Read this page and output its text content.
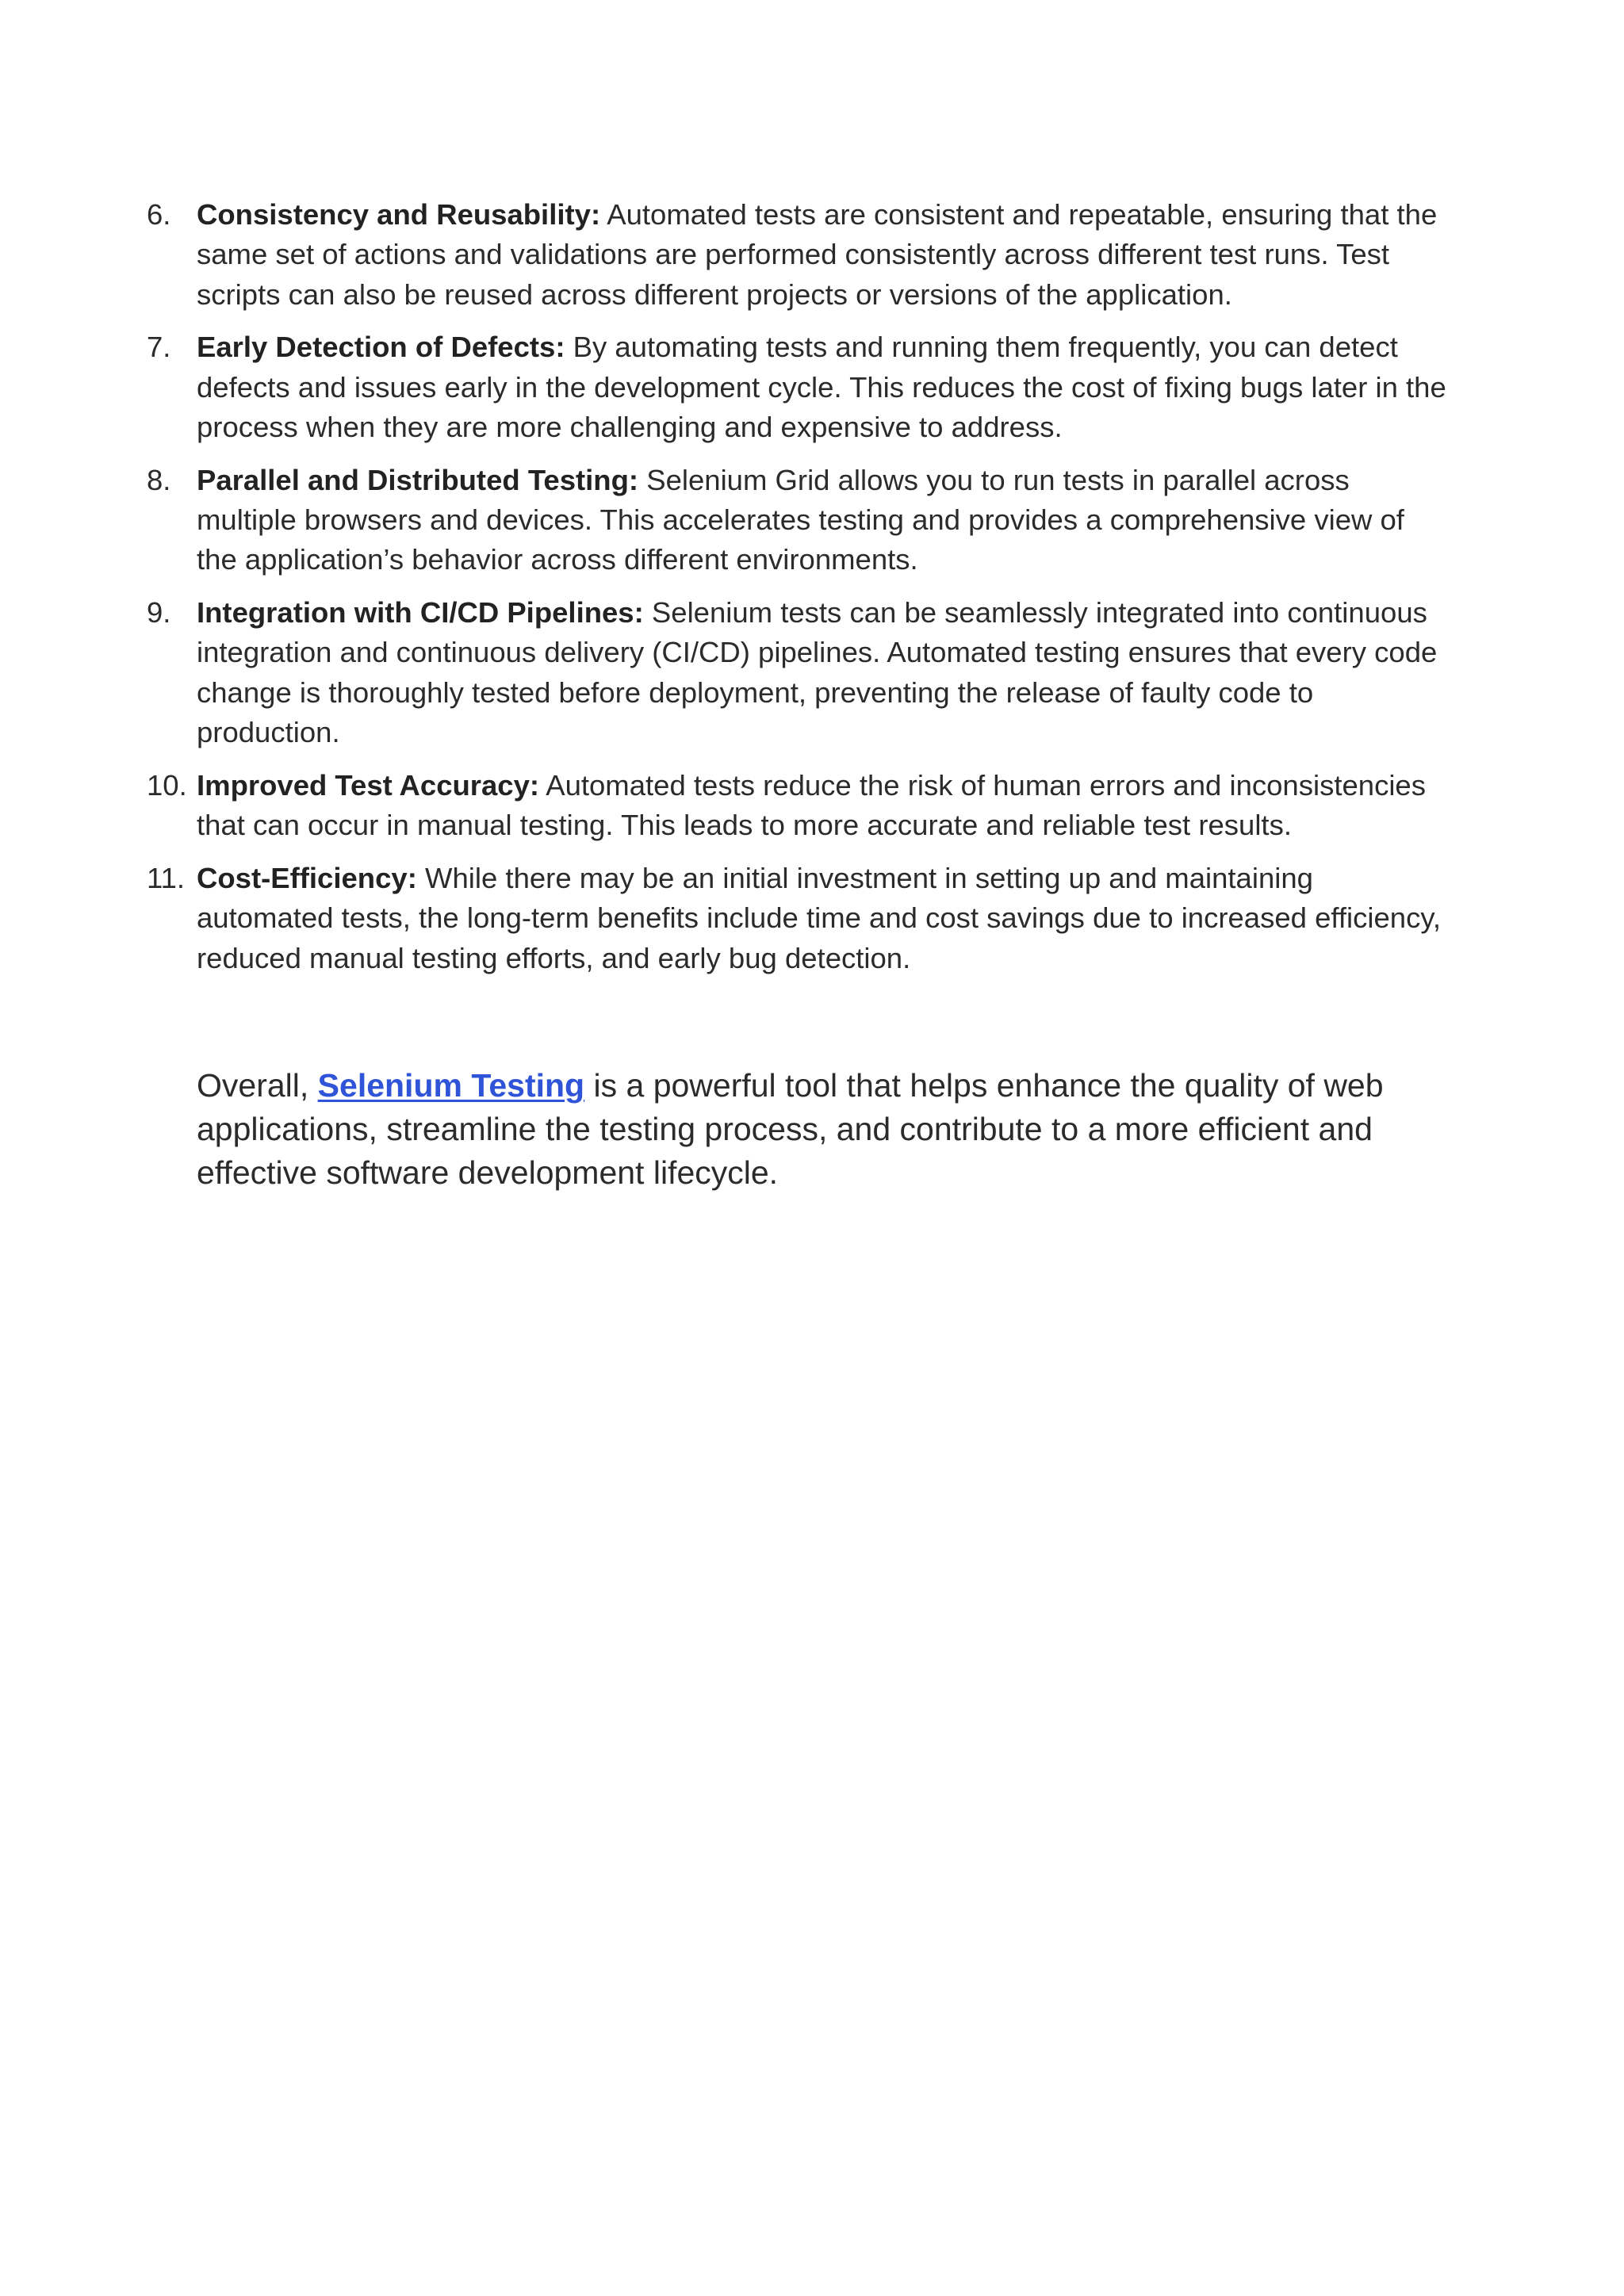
6. Consistency and Reusability: Automated tests are consistent and repeatable, ensuring that the same set of actions and validations are performed consistently across different test runs. Test scripts can also be reused across different projects or versions of the application.
7. Early Detection of Defects: By automating tests and running them frequently, you can detect defects and issues early in the development cycle. This reduces the cost of fixing bugs later in the process when they are more challenging and expensive to address.
8. Parallel and Distributed Testing: Selenium Grid allows you to run tests in parallel across multiple browsers and devices. This accelerates testing and provides a comprehensive view of the application’s behavior across different environments.
9. Integration with CI/CD Pipelines: Selenium tests can be seamlessly integrated into continuous integration and continuous delivery (CI/CD) pipelines. Automated testing ensures that every code change is thoroughly tested before deployment, preventing the release of faulty code to production.
10. Improved Test Accuracy: Automated tests reduce the risk of human errors and inconsistencies that can occur in manual testing. This leads to more accurate and reliable test results.
11. Cost-Efficiency: While there may be an initial investment in setting up and maintaining automated tests, the long-term benefits include time and cost savings due to increased efficiency, reduced manual testing efforts, and early bug detection.

Overall, Selenium Testing is a powerful tool that helps enhance the quality of web applications, streamline the testing process, and contribute to a more efficient and effective software development lifecycle.
